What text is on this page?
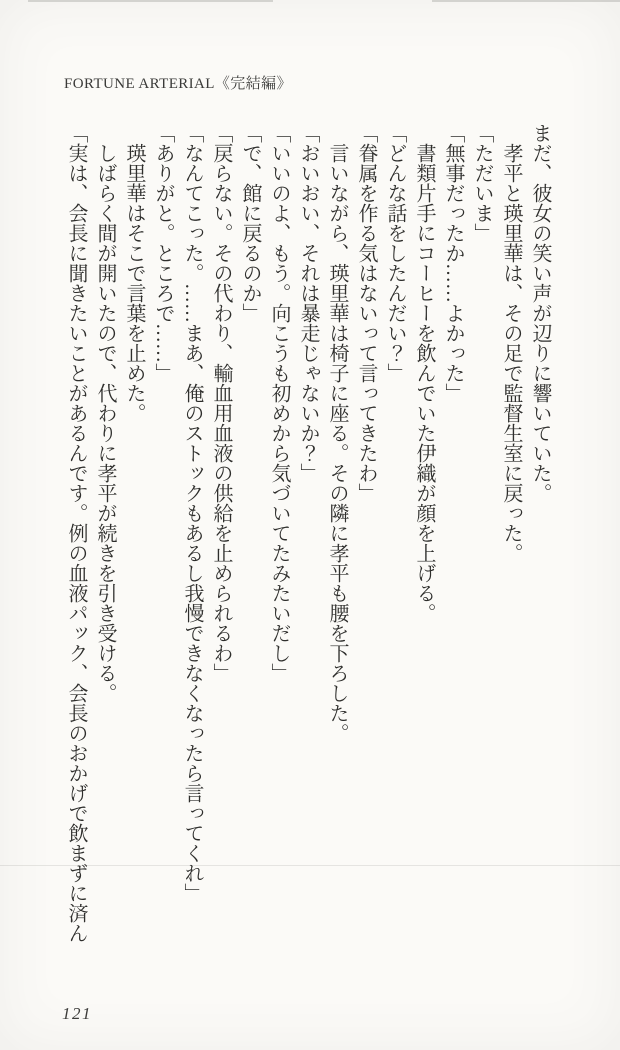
FORTUNE ARTERIAL《完結編》

まだ、彼女の笑い声が辺りに響いていた。

孝平と瑛里華は、その足で監督生室に戻った。

「ただいま」

「無事だったか……よかった」

書類片手にコーヒーを飲んでいた伊織が顔を上げる。

「どんな話をしたんだい？」

「眷属を作る気はないって言ってきたわ」

言いながら、瑛里華は椅子に座る。その隣に孝平も腰を下ろした。

「おいおい、それは暴走じゃないか？」

「いいのよ、もう。向こうも初めから気づいてたみたいだし」

「で、館に戻るのか」

「戻らない。その代わり、輸血用血液の供給を止められるわ」

「なんてこった。……まあ、俺のストックもあるし我慢できなくなったら言ってくれ」

「ありがと。ところで……」

瑛里華はそこで言葉を止めた。

しばらく間が開いたので、代わりに孝平が続きを引き受ける。

「実は、会長に聞きたいことがあるんです。例の血液パック、会長のおかげで飲まずに済ん

121
